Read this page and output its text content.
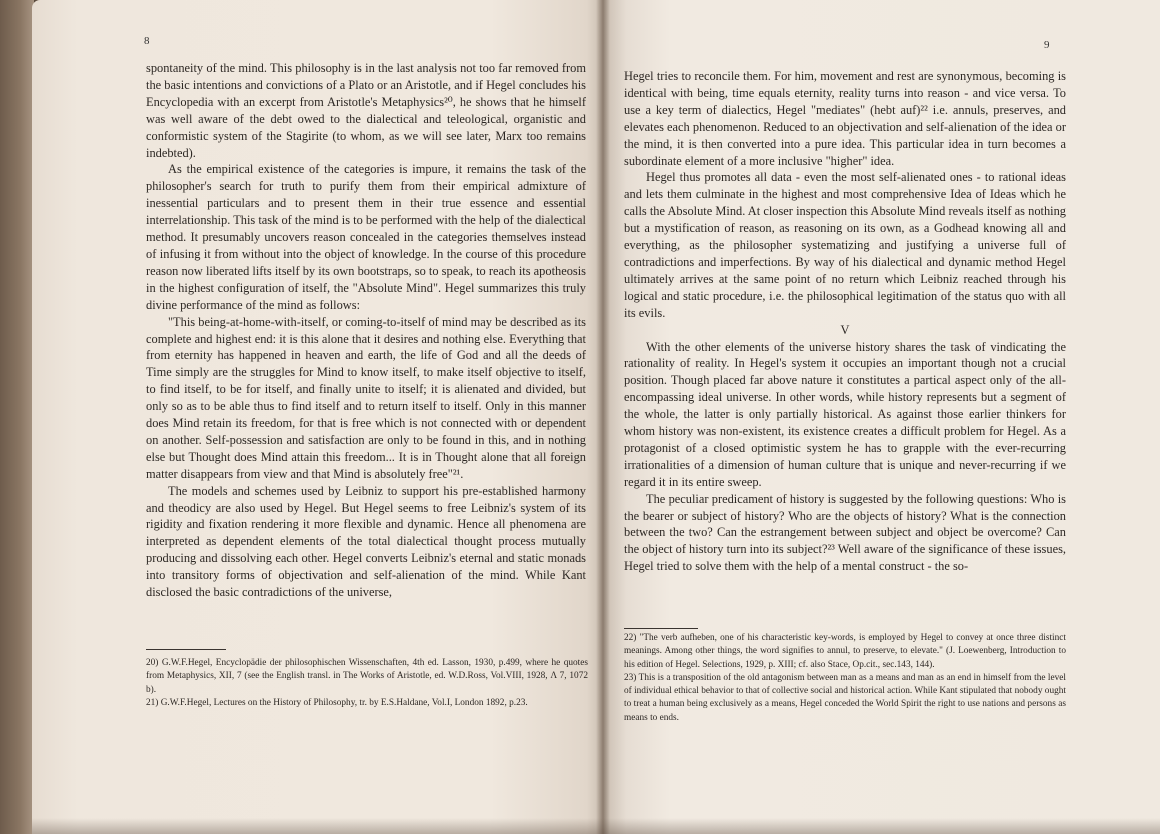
8

spontaneity of the mind. This philosophy is in the last analysis not too far removed from the basic intentions and convictions of a Plato or an Aristotle, and if Hegel concludes his Encyclopedia with an excerpt from Aristotle's Metaphysics²⁰, he shows that he himself was well aware of the debt owed to the dialectical and teleological, organistic and conformistic system of the Stagirite (to whom, as we will see later, Marx too remains indebted).

As the empirical existence of the categories is impure, it remains the task of the philosopher's search for truth to purify them from their empirical admixture of inessential particulars and to present them in their true essence and essential interrelationship. This task of the mind is to be performed with the help of the dialectical method. It presumably uncovers reason concealed in the categories themselves instead of infusing it from without into the object of knowledge. In the course of this procedure reason now liberated lifts itself by its own bootstraps, so to speak, to reach its apotheosis in the highest configuration of itself, the "Absolute Mind". Hegel summarizes this truly divine performance of the mind as follows:

"This being-at-home-with-itself, or coming-to-itself of mind may be described as its complete and highest end: it is this alone that it desires and nothing else. Everything that from eternity has happened in heaven and earth, the life of God and all the deeds of Time simply are the struggles for Mind to know itself, to make itself objective to itself, to find itself, to be for itself, and finally unite to itself; it is alienated and divided, but only so as to be able thus to find itself and to return itself to itself. Only in this manner does Mind retain its freedom, for that is free which is not connected with or dependent on another. Self-possession and satisfaction are only to be found in this, and in nothing else but Thought does Mind attain this freedom... It is in Thought alone that all foreign matter disappears from view and that Mind is absolutely free"²¹.

The models and schemes used by Leibniz to support his pre-established harmony and theodicy are also used by Hegel. But Hegel seems to free Leibniz's system of its rigidity and fixation rendering it more flexible and dynamic. Hence all phenomena are interpreted as dependent elements of the total dialectical thought process mutually producing and dissolving each other. Hegel converts Leibniz's eternal and static monads into transitory forms of objectivation and self-alienation of the mind. While Kant disclosed the basic contradictions of the universe,

20) G.W.F.Hegel, Encyclopädie der philosophischen Wissenschaften, 4th ed. Lasson, 1930, p.499, where he quotes from Metaphysics, XII, 7 (see the English transl. in The Works of Aristotle, ed. W.D.Ross, Vol.VIII, 1928, Λ 7, 1072 b).

21) G.W.F.Hegel, Lectures on the History of Philosophy, tr. by E.S.Haldane, Vol.I, London 1892, p.23.

9

Hegel tries to reconcile them. For him, movement and rest are synonymous, becoming is identical with being, time equals eternity, reality turns into reason - and vice versa. To use a key term of dialectics, Hegel "mediates" (hebt auf)²² i.e. annuls, preserves, and elevates each phenomenon. Reduced to an objectivation and self-alienation of the idea or the mind, it is then converted into a pure idea. This particular idea in turn becomes a subordinate element of a more inclusive "higher" idea.

Hegel thus promotes all data - even the most self-alienated ones - to rational ideas and lets them culminate in the highest and most comprehensive Idea of Ideas which he calls the Absolute Mind. At closer inspection this Absolute Mind reveals itself as nothing but a mystification of reason, as reasoning on its own, as a Godhead knowing all and everything, as the philosopher systematizing and justifying a universe full of contradictions and imperfections. By way of his dialectical and dynamic method Hegel ultimately arrives at the same point of no return which Leibniz reached through his logical and static procedure, i.e. the philosophical legitimation of the status quo with all its evils.

V

With the other elements of the universe history shares the task of vindicating the rationality of reality. In Hegel's system it occupies an important though not a crucial position. Though placed far above nature it constitutes a partical aspect only of the all-encompassing ideal universe. In other words, while history represents but a segment of the whole, the latter is only partially historical. As against those earlier thinkers for whom history was non-existent, its existence creates a difficult problem for Hegel. As a protagonist of a closed optimistic system he has to grapple with the ever-recurring irrationalities of a dimension of human culture that is unique and never-recurring if we regard it in its entire sweep.

The peculiar predicament of history is suggested by the following questions: Who is the bearer or subject of history? Who are the objects of history? What is the connection between the two? Can the estrangement between subject and object be overcome? Can the object of history turn into its subject?²³ Well aware of the significance of these issues, Hegel tried to solve them with the help of a mental construct - the so-

22) "The verb aufheben, one of his characteristic key-words, is employed by Hegel to convey at once three distinct meanings. Among other things, the word signifies to annul, to preserve, to elevate." (J. Loewenberg, Introduction to his edition of Hegel. Selections, 1929, p. XIII; cf. also Stace, Op.cit., sec.143, 144).

23) This is a transposition of the old antagonism between man as a means and man as an end in himself from the level of individual ethical behavior to that of collective social and historical action. While Kant stipulated that nobody ought to treat a human being exclusively as a means, Hegel conceded the World Spirit the right to use nations and persons as means to ends.
